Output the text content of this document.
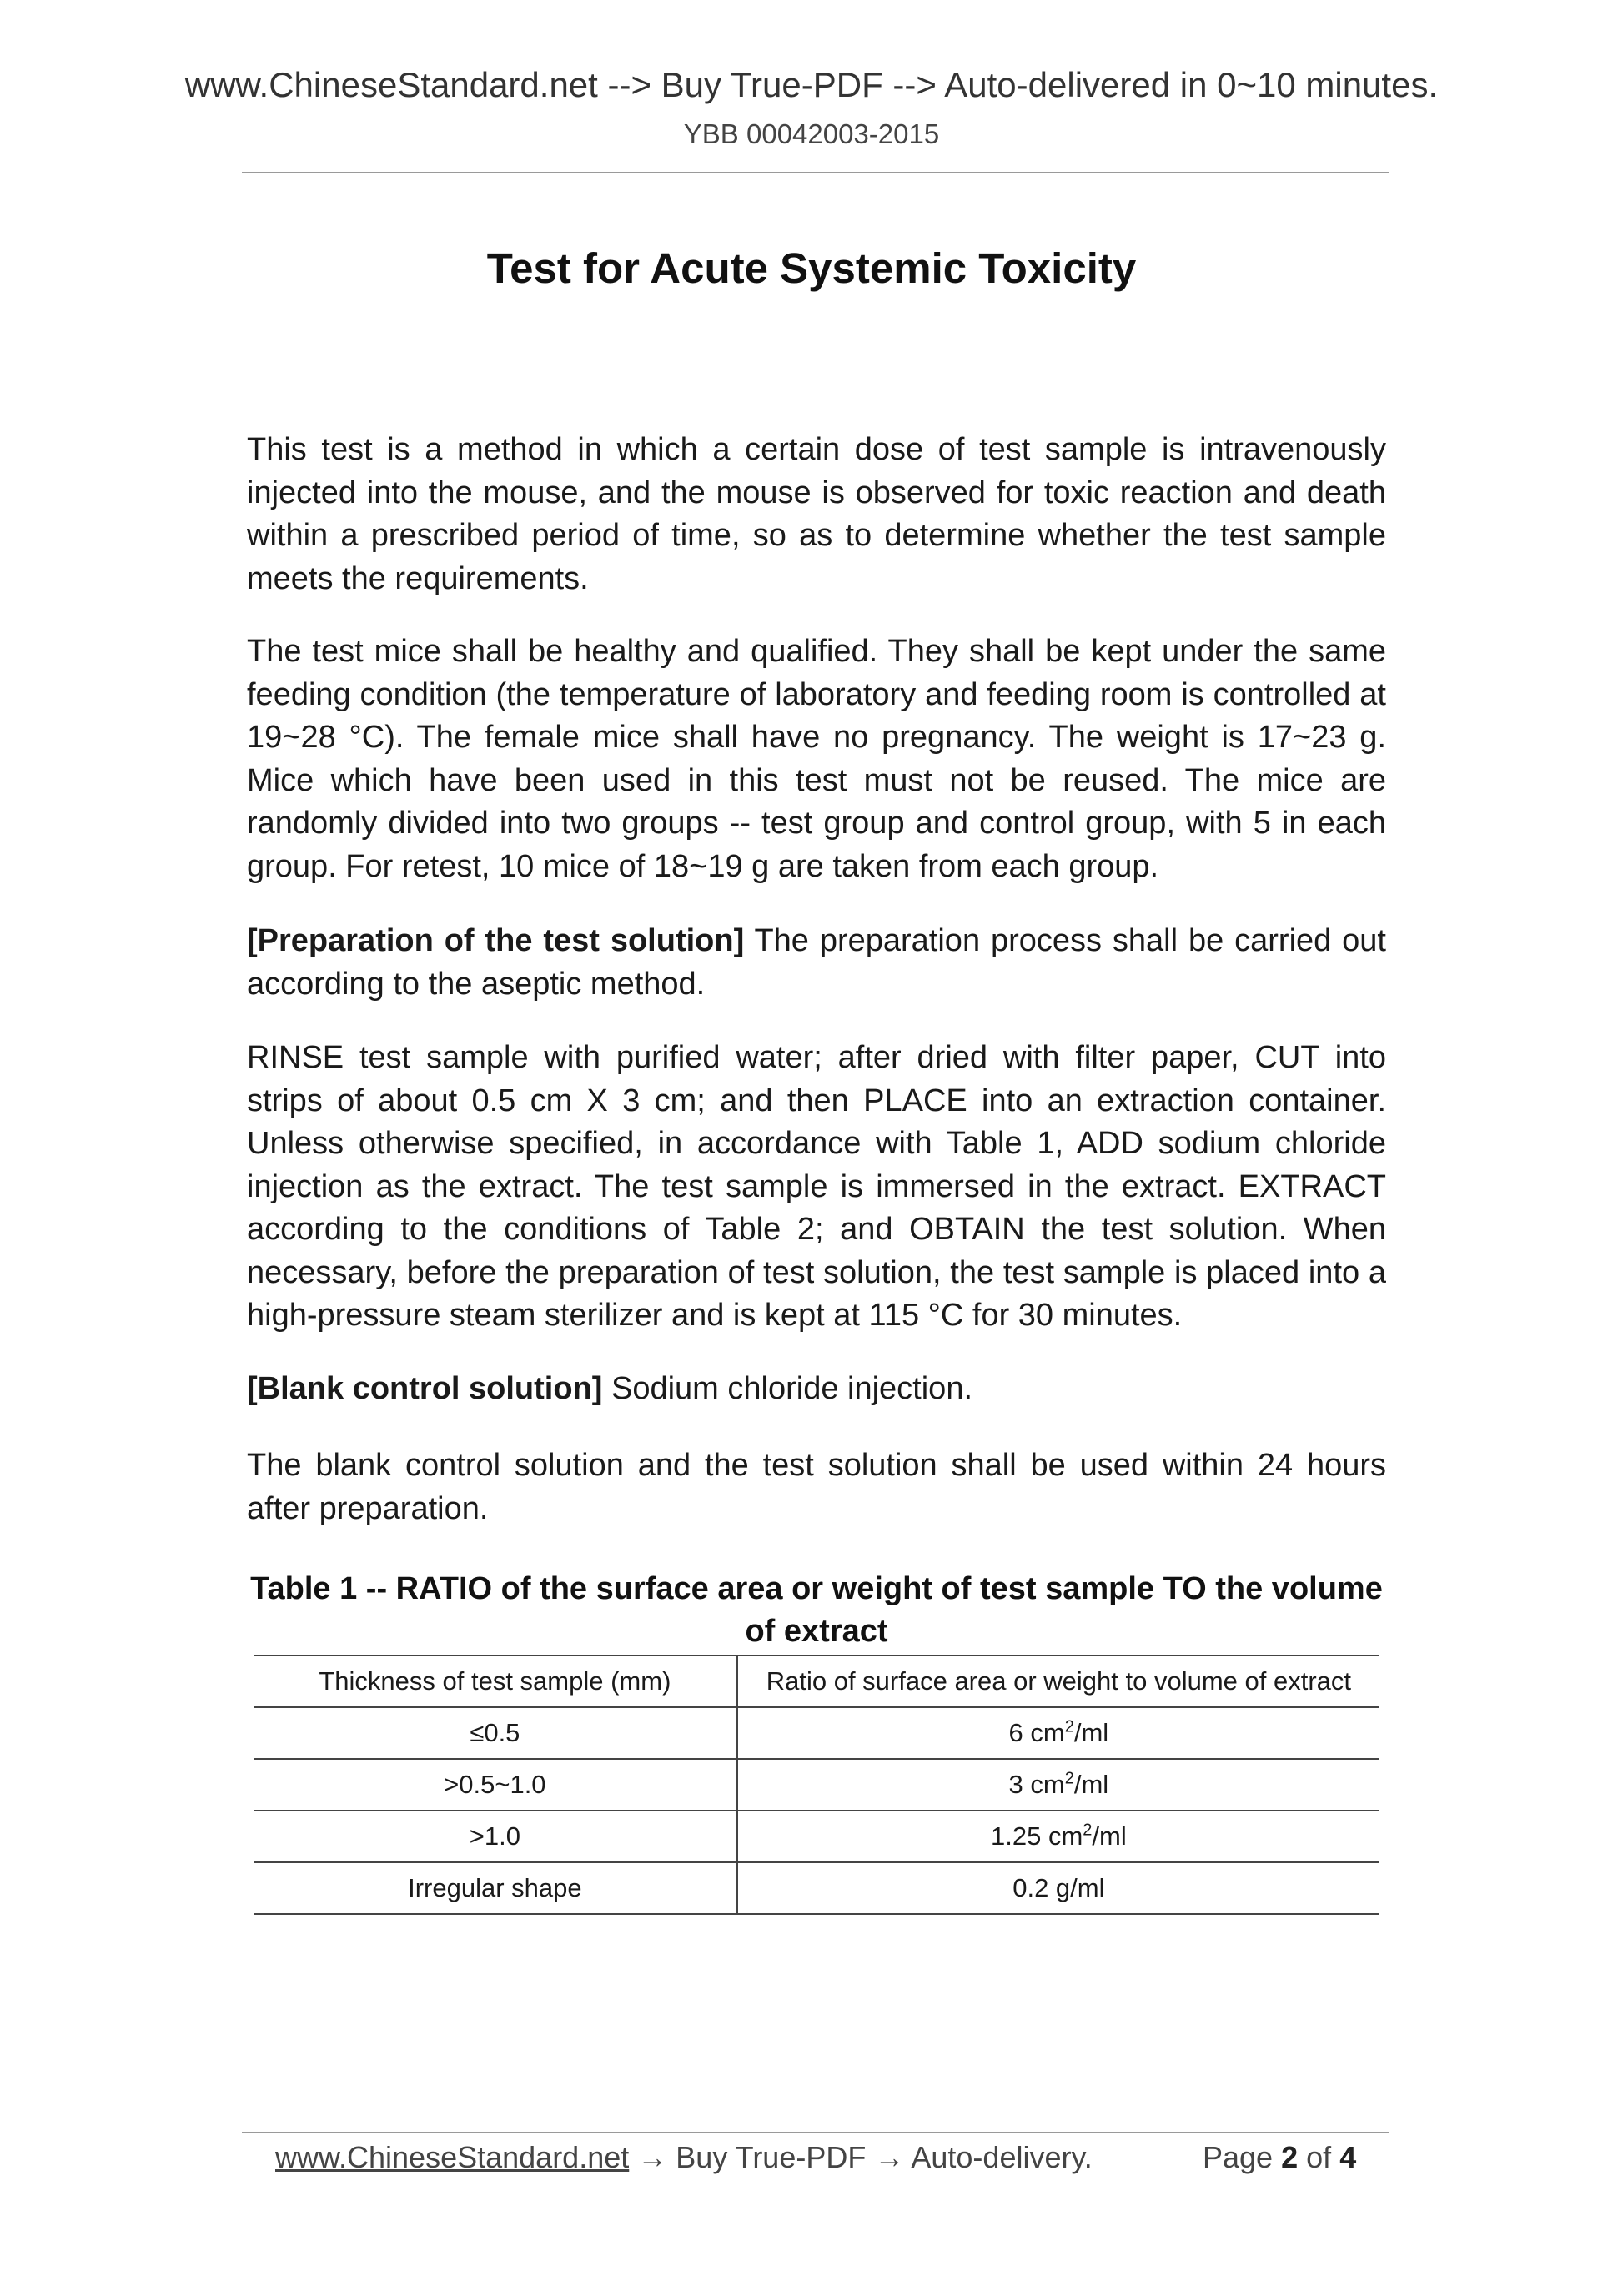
www.ChineseStandard.net --> Buy True-PDF --> Auto-delivered in 0~10 minutes.
YBB 00042003-2015
Test for Acute Systemic Toxicity
This test is a method in which a certain dose of test sample is intravenously injected into the mouse, and the mouse is observed for toxic reaction and death within a prescribed period of time, so as to determine whether the test sample meets the requirements.
The test mice shall be healthy and qualified. They shall be kept under the same feeding condition (the temperature of laboratory and feeding room is controlled at 19~28 °C). The female mice shall have no pregnancy. The weight is 17~23 g. Mice which have been used in this test must not be reused. The mice are randomly divided into two groups -- test group and control group, with 5 in each group. For retest, 10 mice of 18~19 g are taken from each group.
[Preparation of the test solution] The preparation process shall be carried out according to the aseptic method.
RINSE test sample with purified water; after dried with filter paper, CUT into strips of about 0.5 cm X 3 cm; and then PLACE into an extraction container. Unless otherwise specified, in accordance with Table 1, ADD sodium chloride injection as the extract. The test sample is immersed in the extract. EXTRACT according to the conditions of Table 2; and OBTAIN the test solution. When necessary, before the preparation of test solution, the test sample is placed into a high-pressure steam sterilizer and is kept at 115 °C for 30 minutes.
[Blank control solution] Sodium chloride injection.
The blank control solution and the test solution shall be used within 24 hours after preparation.
Table 1 -- RATIO of the surface area or weight of test sample TO the volume of extract
Thickness of test sample (mm)	Ratio of surface area or weight to volume of extract
≤0.5	6 $cm^2/ml$
>0.5~1.0	3 $cm^2/ml$
>1.0	1.25 $cm^2/ml$
Irregular shape	0.2 g/ml
www.ChineseStandard.net → Buy True-PDF → Auto-delivery.	Page 2 of 4
